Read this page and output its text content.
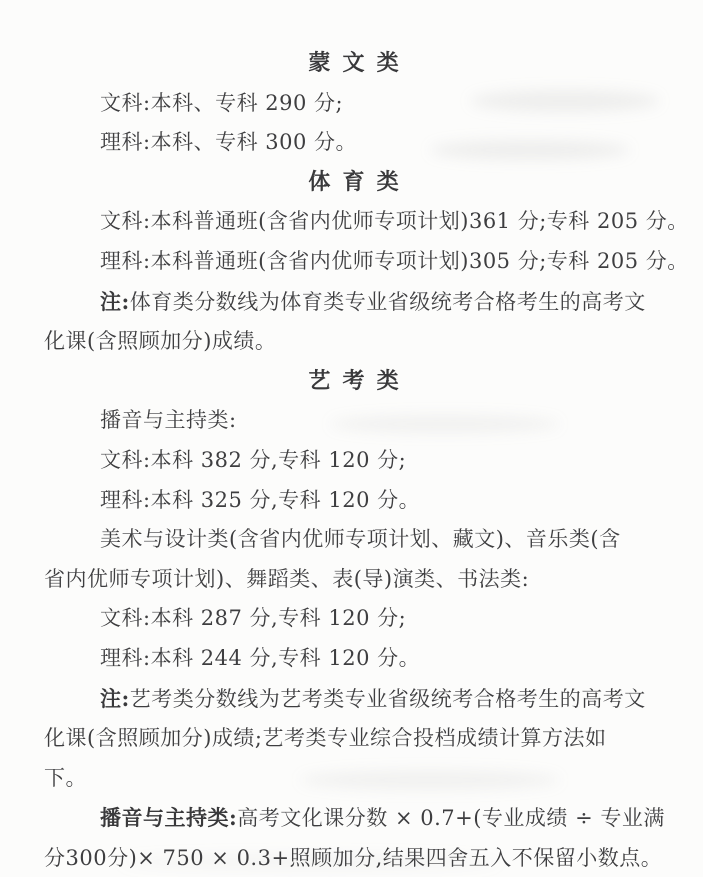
蒙文类
文科:本科、专科 290 分;
理科:本科、专科 300 分。
体育类
文科:本科普通班(含省内优师专项计划)361 分;专科 205 分。
理科:本科普通班(含省内优师专项计划)305 分;专科 205 分。
注:体育类分数线为体育类专业省级统考合格考生的高考文
化课(含照顾加分)成绩。
艺考类
播音与主持类:
文科:本科 382 分,专科 120 分;
理科:本科 325 分,专科 120 分。
美术与设计类(含省内优师专项计划、藏文)、音乐类(含
省内优师专项计划)、舞蹈类、表(导)演类、书法类:
文科:本科 287 分,专科 120 分;
理科:本科 244 分,专科 120 分。
注:艺考类分数线为艺考类专业省级统考合格考生的高考文
化课(含照顾加分)成绩;艺考类专业综合投档成绩计算方法如
下。
播音与主持类:高考文化课分数 × 0.7+(专业成绩 ÷ 专业满
分300分)× 750 × 0.3+照顾加分,结果四舍五入不保留小数点。
